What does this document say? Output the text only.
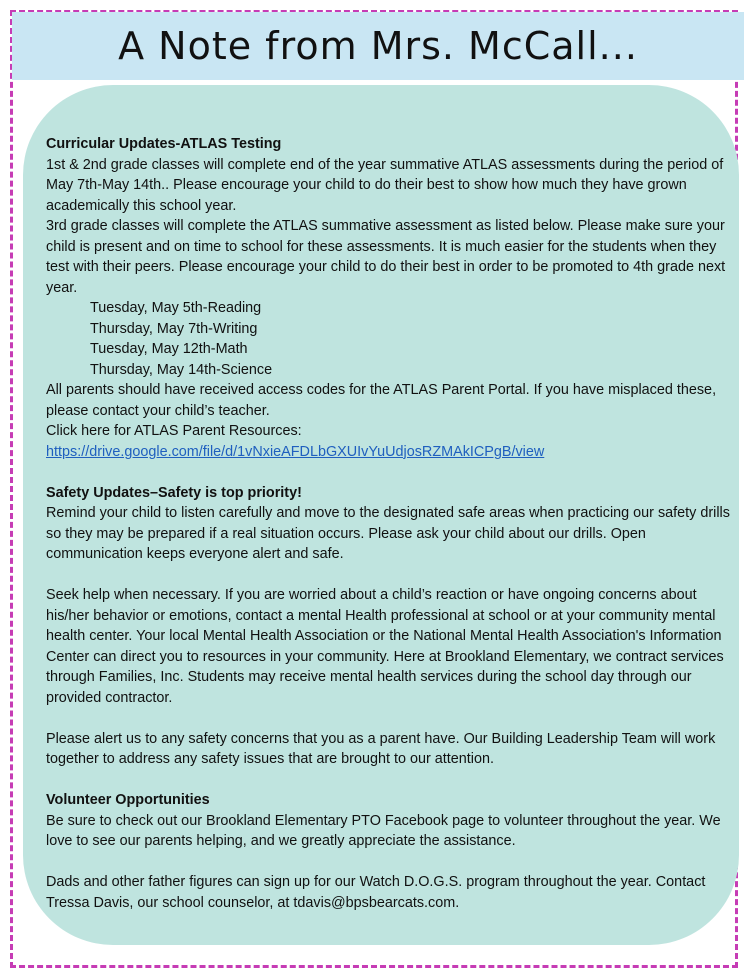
A Note from Mrs. McCall...

Curricular Updates-ATLAS Testing

1st & 2nd grade classes will complete end of the year summative ATLAS assessments during the period of May 7th-May 14th.. Please encourage your child to do their best to show how much they have grown academically this school year.

3rd grade classes will complete the ATLAS summative assessment as listed below. Please make sure your child is present and on time to school for these assessments. It is much easier for the students when they test with their peers. Please encourage your child to do their best in order to be promoted to 4th grade next year.

Tuesday, May 5th-Reading

Thursday, May 7th-Writing

Tuesday, May 12th-Math

Thursday, May 14th-Science

All parents should have received access codes for the ATLAS Parent Portal. If you have misplaced these, please contact your child’s teacher.

Click here for ATLAS Parent Resources:

https://drive.google.com/file/d/1vNxieAFDLbGXUIvYuUdjosRZMAkICPgB/view

Safety Updates–Safety is top priority!

Remind your child to listen carefully and move to the designated safe areas when practicing our safety drills so they may be prepared if a real situation occurs. Please ask your child about our drills. Open communication keeps everyone alert and safe.

Seek help when necessary. If you are worried about a child’s reaction or have ongoing concerns about his/her behavior or emotions, contact a mental Health professional at school or at your community mental health center. Your local Mental Health Association or the National Mental Health Association's Information Center can direct you to resources in your community. Here at Brookland Elementary, we contract services through Families, Inc. Students may receive mental health services during the school day through our provided contractor.

Please alert us to any safety concerns that you as a parent have. Our Building Leadership Team will work together to address any safety issues that are brought to our attention.

Volunteer Opportunities

Be sure to check out our Brookland Elementary PTO Facebook page to volunteer throughout the year. We love to see our parents helping, and we greatly appreciate the assistance.

Dads and other father figures can sign up for our Watch D.O.G.S. program throughout the year. Contact Tressa Davis, our school counselor, at tdavis@bpsbearcats.com.
